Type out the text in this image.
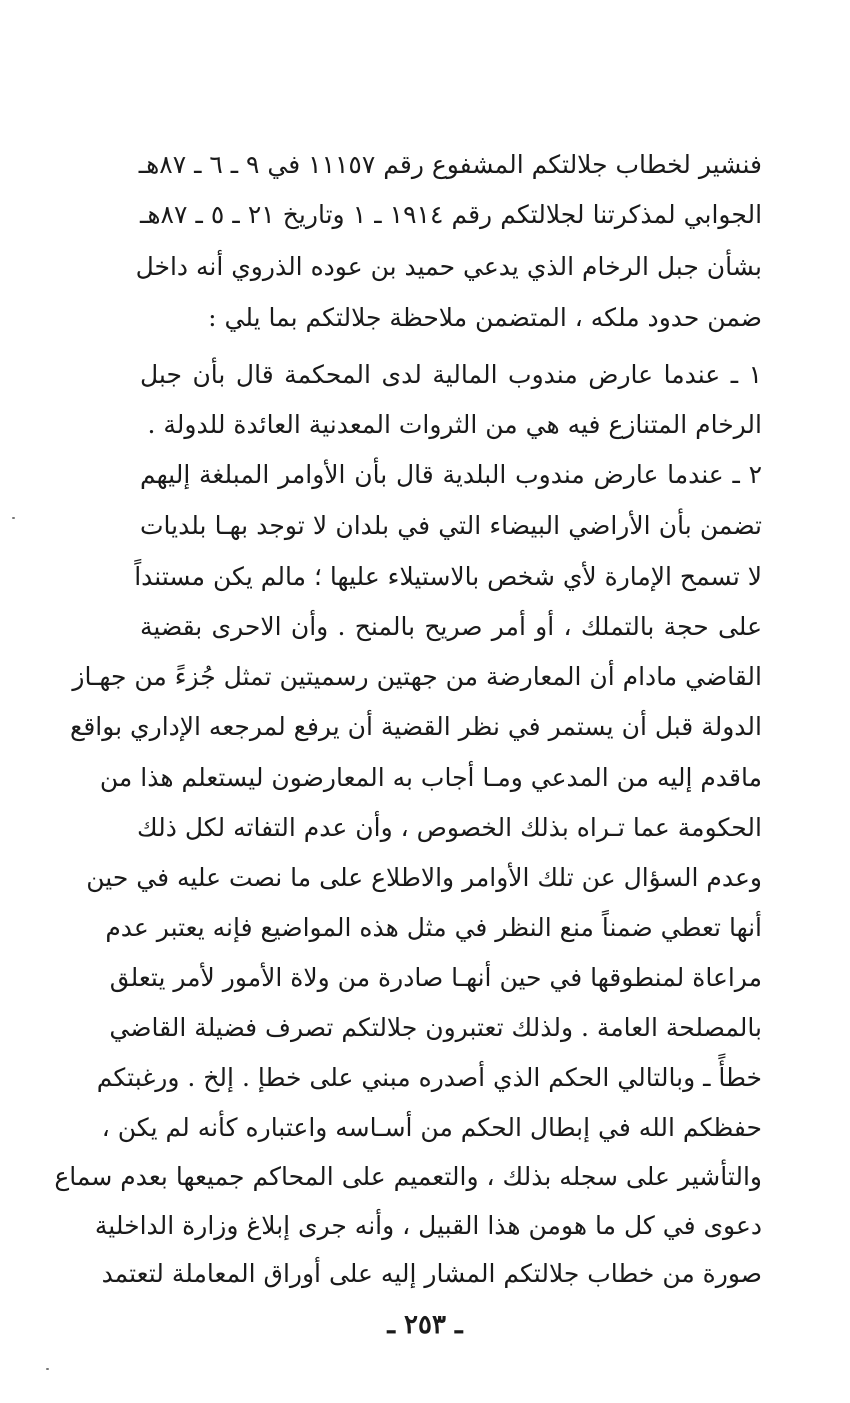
فنشير لخطاب جلالتكم المشفوع رقم ١١١٥٧ في ٩ ـ ٦ ـ ٨٧هـ
الجوابي لمذكرتنا لجلالتكم رقم ١٩١٤ ـ ١ وتاريخ ٢١ ـ ٥ ـ ٨٧هـ
بشأن جبل الرخام الذي يدعي حميد بن عوده الذروي أنه داخل
ضمن حدود ملكه ، المتضمن ملاحظة جلالتكم بما يلي :
١ ـ عندما عارض مندوب المالية لدى المحكمة قال بأن جبل
الرخام المتنازع فيه هي من الثروات المعدنية العائدة للدولة .
٢ ـ عندما عارض مندوب البلدية قال بأن الأوامر المبلغة إليهم
تضمن بأن الأراضي البيضاء التي في بلدان لا توجد بهـا بلديات
لا تسمح الإمارة لأي شخص بالاستيلاء عليها ؛ مالم يكن مستنداً
على حجة بالتملك ، أو أمر صريح بالمنح . وأن الاحرى بقضية
القاضي مادام أن المعارضة من جهتين رسميتين تمثل جُزءً من جهـاز
الدولة قبل أن يستمر في نظر القضية أن يرفع لمرجعه الإداري بواقع
ماقدم إليه من المدعي ومـا أجاب به المعارضون ليستعلم هذا من
الحكومة عما تـراه بذلك الخصوص ، وأن عدم التفاته لكل ذلك
وعدم السؤال عن تلك الأوامر والاطلاع على ما نصت عليه في حين
أنها تعطي ضمناً منع النظر في مثل هذه المواضيع فإنه يعتبر عدم
مراعاة لمنطوقها في حين أنهـا صادرة من ولاة الأمور لأمر يتعلق
بالمصلحة العامة . ولذلك تعتبرون جلالتكم تصرف فضيلة القاضي
خطأً ـ وبالتالي الحكم الذي أصدره مبني على خطإ . إلخ . ورغبتكم
حفظكم الله في إبطال الحكم من أسـاسه واعتباره كأنه لم يكن ،
والتأشير على سجله بذلك ، والتعميم على المحاكم جميعها بعدم سماع
دعوى في كل ما هومن هذا القبيل ، وأنه جرى إبلاغ وزارة الداخلية
صورة من خطاب جلالتكم المشار إليه على أوراق المعاملة لتعتمد
ـ ٢٥٣ ـ
